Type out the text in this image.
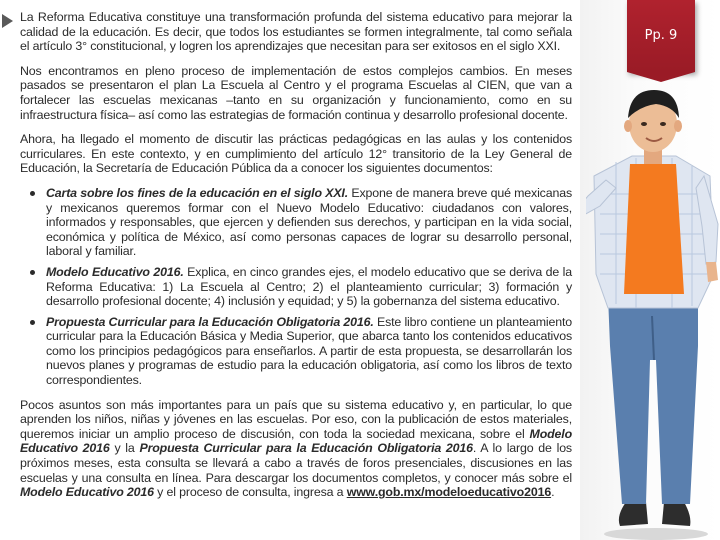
La Reforma Educativa constituye una transformación profunda del sistema educativo para mejorar la calidad de la educación. Es decir, que todos los estudiantes se formen integralmente, tal como señala el artículo 3° constitucional, y logren los aprendizajes que necesitan para ser exitosos en el siglo XXI.

Nos encontramos en pleno proceso de implementación de estos complejos cambios. En meses pasados se presentaron el plan La Escuela al Centro y el programa Escuelas al CIEN, que van a fortalecer las escuelas mexicanas –tanto en su organización y funcionamiento, como en su infraestructura física– así como las estrategias de formación continua y desarrollo profesional docente.

Ahora, ha llegado el momento de discutir las prácticas pedagógicas en las aulas y los contenidos curriculares. En este contexto, y en cumplimiento del artículo 12° transitorio de la Ley General de Educación, la Secretaría de Educación Pública da a conocer los siguientes documentos:

Carta sobre los fines de la educación en el siglo XXI. Expone de manera breve qué mexicanas y mexicanos queremos formar con el Nuevo Modelo Educativo: ciudadanos con valores, informados y responsables, que ejercen y defienden sus derechos, y participan en la vida social, económica y política de México, así como personas capaces de lograr su desarrollo personal, laboral y familiar.
Modelo Educativo 2016. Explica, en cinco grandes ejes, el modelo educativo que se deriva de la Reforma Educativa: 1) La Escuela al Centro; 2) el planteamiento curricular; 3) formación y desarrollo profesional docente; 4) inclusión y equidad; y 5) la gobernanza del sistema educativo.
Propuesta Curricular para la Educación Obligatoria 2016. Este libro contiene un planteamiento curricular para la Educación Básica y Media Superior, que abarca tanto los contenidos educativos como los principios pedagógicos para enseñarlos. A partir de esta propuesta, se desarrollarán los nuevos planes y programas de estudio para la educación obligatoria, así como los libros de texto correspondientes.

Pocos asuntos son más importantes para un país que su sistema educativo y, en particular, lo que aprenden los niños, niñas y jóvenes en las escuelas. Por eso, con la publicación de estos materiales, queremos iniciar un amplio proceso de discusión, con toda la sociedad mexicana, sobre el Modelo Educativo 2016 y la Propuesta Curricular para la Educación Obligatoria 2016. A lo largo de los próximos meses, esta consulta se llevará a cabo a través de foros presenciales, discusiones en las escuelas y una consulta en línea. Para descargar los documentos completos, y conocer más sobre el Modelo Educativo 2016 y el proceso de consulta, ingresa a www.gob.mx/modeloeducativo2016.

Pp. 9
